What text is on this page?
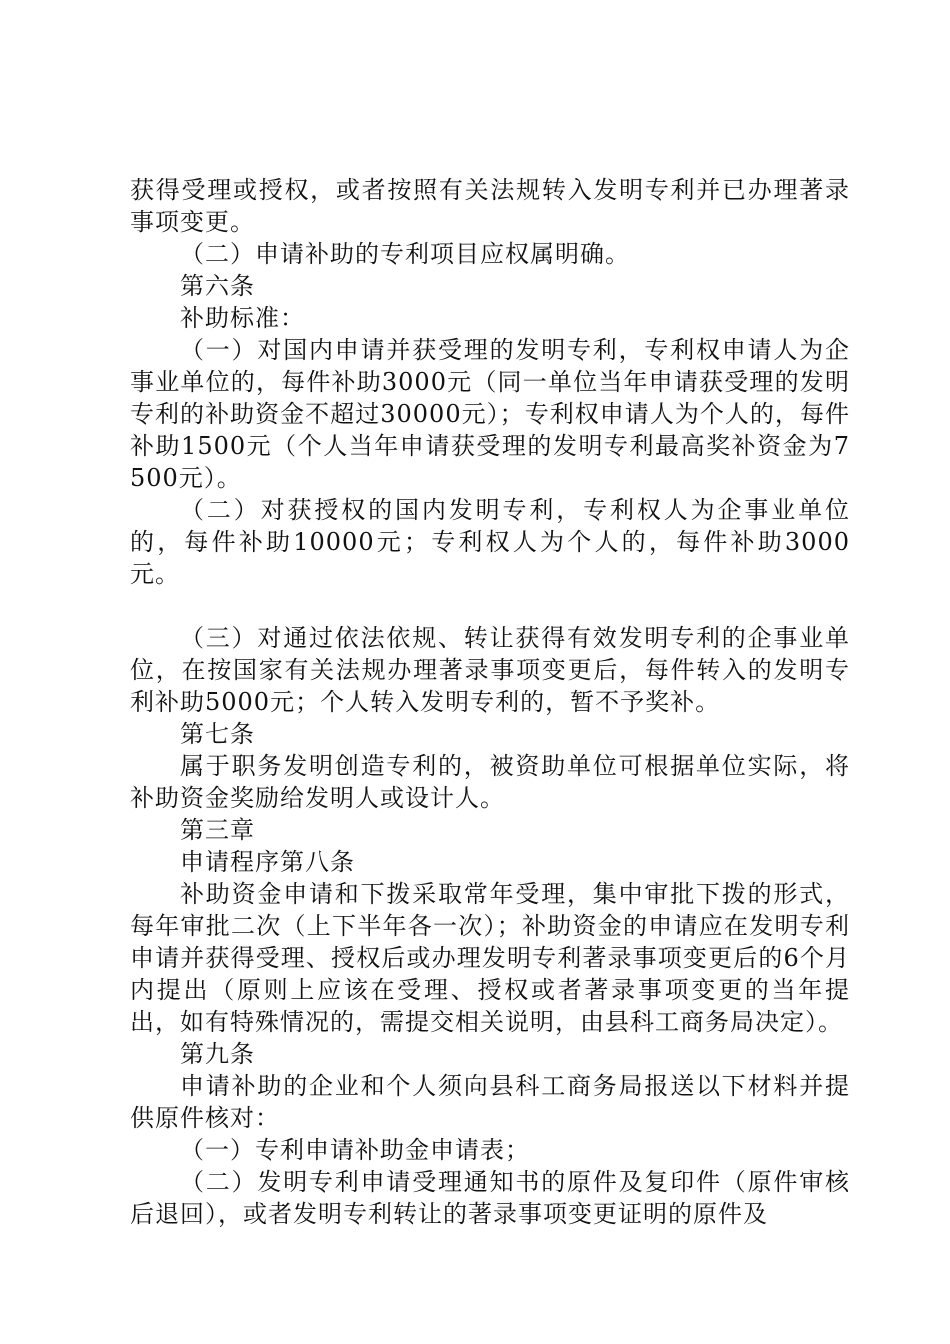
获得受理或授权，或者按照有关法规转入发明专利并已办理著录事项变更。

（二）申请补助的专利项目应权属明确。

第六条

补助标准：

（一）对国内申请并获受理的发明专利，专利权申请人为企事业单位的，每件补助3000元（同一单位当年申请获受理的发明专利的补助资金不超过30000元）；专利权申请人为个人的，每件补助1500元（个人当年申请获受理的发明专利最高奖补资金为7500元）。

（二）对获授权的国内发明专利，专利权人为企事业单位的，每件补助10000元；专利权人为个人的，每件补助3000元。

（三）对通过依法依规、转让获得有效发明专利的企事业单位，在按国家有关法规办理著录事项变更后，每件转入的发明专利补助5000元；个人转入发明专利的，暂不予奖补。

第七条

属于职务发明创造专利的，被资助单位可根据单位实际，将补助资金奖励给发明人或设计人。

第三章

申请程序第八条

补助资金申请和下拨采取常年受理，集中审批下拨的形式，每年审批二次（上下半年各一次）；补助资金的申请应在发明专利申请并获得受理、授权后或办理发明专利著录事项变更后的6个月内提出（原则上应该在受理、授权或者著录事项变更的当年提出，如有特殊情况的，需提交相关说明，由县科工商务局决定）。

第九条

申请补助的企业和个人须向县科工商务局报送以下材料并提供原件核对：

（一）专利申请补助金申请表；

（二）发明专利申请受理通知书的原件及复印件（原件审核后退回），或者发明专利转让的著录事项变更证明的原件及
